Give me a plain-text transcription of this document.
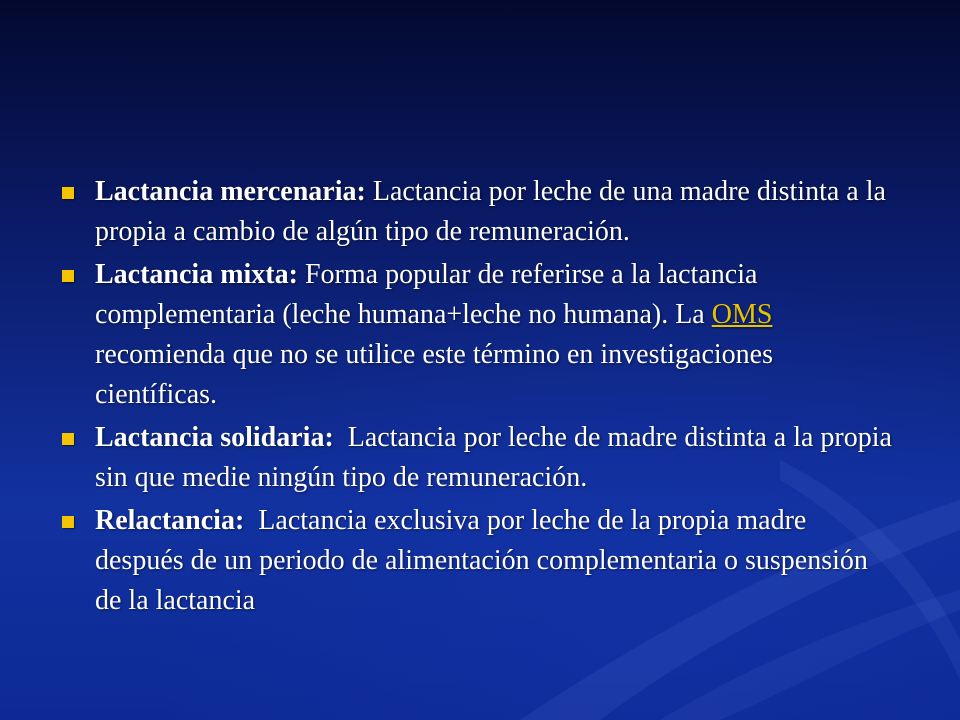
Lactancia mercenaria: Lactancia por leche de una madre distinta a la propia a cambio de algún tipo de remuneración.
Lactancia mixta: Forma popular de referirse a la lactancia complementaria (leche humana+leche no humana). La OMS recomienda que no se utilice este término en investigaciones científicas.
Lactancia solidaria:  Lactancia por leche de madre distinta a la propia sin que medie ningún tipo de remuneración.
Relactancia:  Lactancia exclusiva por leche de la propia madre después de un periodo de alimentación complementaria o suspensión de la lactancia
